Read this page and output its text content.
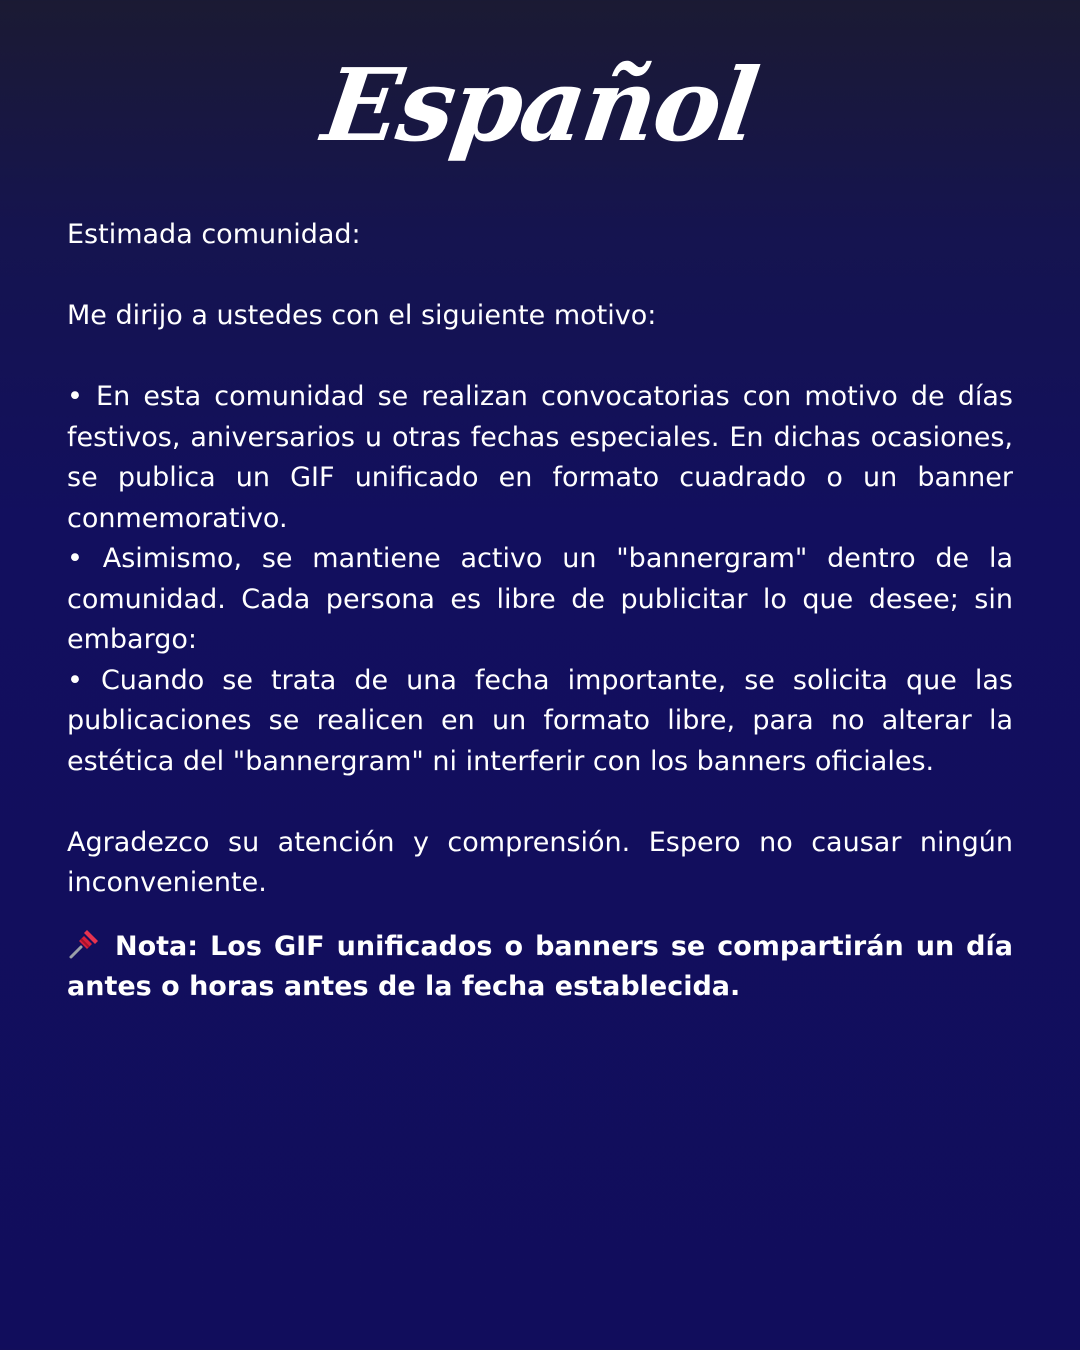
Español

Estimada comunidad:

Me dirijo a ustedes con el siguiente motivo:

• En esta comunidad se realizan convocatorias con motivo de días festivos, aniversarios u otras fechas especiales. En dichas ocasiones, se publica un GIF unificado en formato cuadrado o un banner conmemorativo.

• Asimismo, se mantiene activo un "bannergram" dentro de la comunidad. Cada persona es libre de publicitar lo que desee; sin embargo:

• Cuando se trata de una fecha importante, se solicita que las publicaciones se realicen en un formato libre, para no alterar la estética del "bannergram" ni interferir con los banners oficiales.

Agradezco su atención y comprensión. Espero no causar ningún inconveniente.

Nota: Los GIF unificados o banners se compartirán un día antes o horas antes de la fecha establecida.
